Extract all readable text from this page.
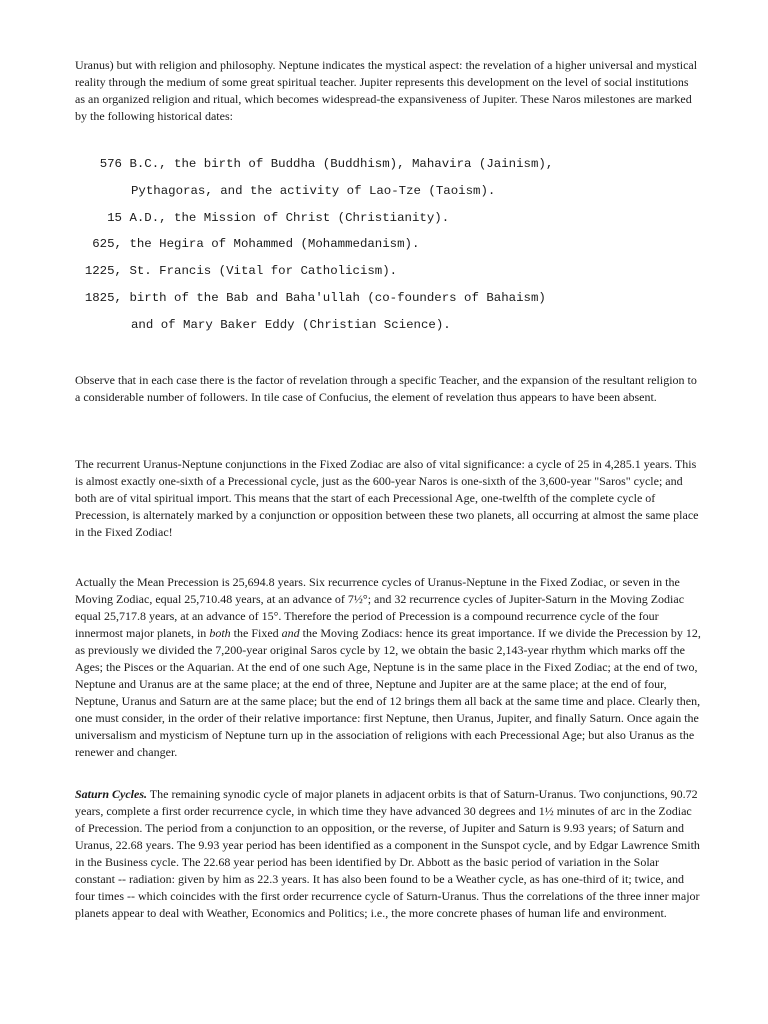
Uranus) but with religion and philosophy. Neptune indicates the mystical aspect: the revelation of a higher universal and mystical reality through the medium of some great spiritual teacher. Jupiter represents this development on the level of social institutions as an organized religion and ritual, which becomes widespread-the expansiveness of Jupiter. These Naros milestones are marked by the following historical dates:

576 B.C., the birth of Buddha (Buddhism), Mahavira (Jainism),
Pythagoras, and the activity of Lao-Tze (Taoism).
15 A.D., the Mission of Christ (Christianity).
625, the Hegira of Mohammed (Mohammedanism).
1225, St. Francis (Vital for Catholicism).
1825, birth of the Bab and Baha'ullah (co-founders of Bahaism)
and of Mary Baker Eddy (Christian Science).

Observe that in each case there is the factor of revelation through a specific Teacher, and the expansion of the resultant religion to a considerable number of followers. In tile case of Confucius, the element of revelation thus appears to have been absent.

The recurrent Uranus-Neptune conjunctions in the Fixed Zodiac are also of vital significance: a cycle of 25 in 4,285.1 years. This is almost exactly one-sixth of a Precessional cycle, just as the 600-year Naros is one-sixth of the 3,600-year "Saros" cycle; and both are of vital spiritual import. This means that the start of each Precessional Age, one-twelfth of the complete cycle of Precession, is alternately marked by a conjunction or opposition between these two planets, all occurring at almost the same place in the Fixed Zodiac!

Actually the Mean Precession is 25,694.8 years. Six recurrence cycles of Uranus-Neptune in the Fixed Zodiac, or seven in the Moving Zodiac, equal 25,710.48 years, at an advance of 7½°; and 32 recurrence cycles of Jupiter-Saturn in the Moving Zodiac equal 25,717.8 years, at an advance of 15°. Therefore the period of Precession is a compound recurrence cycle of the four innermost major planets, in both the Fixed and the Moving Zodiacs: hence its great importance. If we divide the Precession by 12, as previously we divided the 7,200-year original Saros cycle by 12, we obtain the basic 2,143-year rhythm which marks off the Ages; the Pisces or the Aquarian. At the end of one such Age, Neptune is in the same place in the Fixed Zodiac; at the end of two, Neptune and Uranus are at the same place; at the end of three, Neptune and Jupiter are at the same place; at the end of four, Neptune, Uranus and Saturn are at the same place; but the end of 12 brings them all back at the same time and place. Clearly then, one must consider, in the order of their relative importance: first Neptune, then Uranus, Jupiter, and finally Saturn. Once again the universalism and mysticism of Neptune turn up in the association of religions with each Precessional Age; but also Uranus as the renewer and changer.

Saturn Cycles. The remaining synodic cycle of major planets in adjacent orbits is that of Saturn-Uranus. Two conjunctions, 90.72 years, complete a first order recurrence cycle, in which time they have advanced 30 degrees and 1½ minutes of arc in the Zodiac of Precession. The period from a conjunction to an opposition, or the reverse, of Jupiter and Saturn is 9.93 years; of Saturn and Uranus, 22.68 years. The 9.93 year period has been identified as a component in the Sunspot cycle, and by Edgar Lawrence Smith in the Business cycle. The 22.68 year period has been identified by Dr. Abbott as the basic period of variation in the Solar constant -- radiation: given by him as 22.3 years. It has also been found to be a Weather cycle, as has one-third of it; twice, and four times -- which coincides with the first order recurrence cycle of Saturn-Uranus. Thus the correlations of the three inner major planets appear to deal with Weather, Economics and Politics; i.e., the more concrete phases of human life and environment.
